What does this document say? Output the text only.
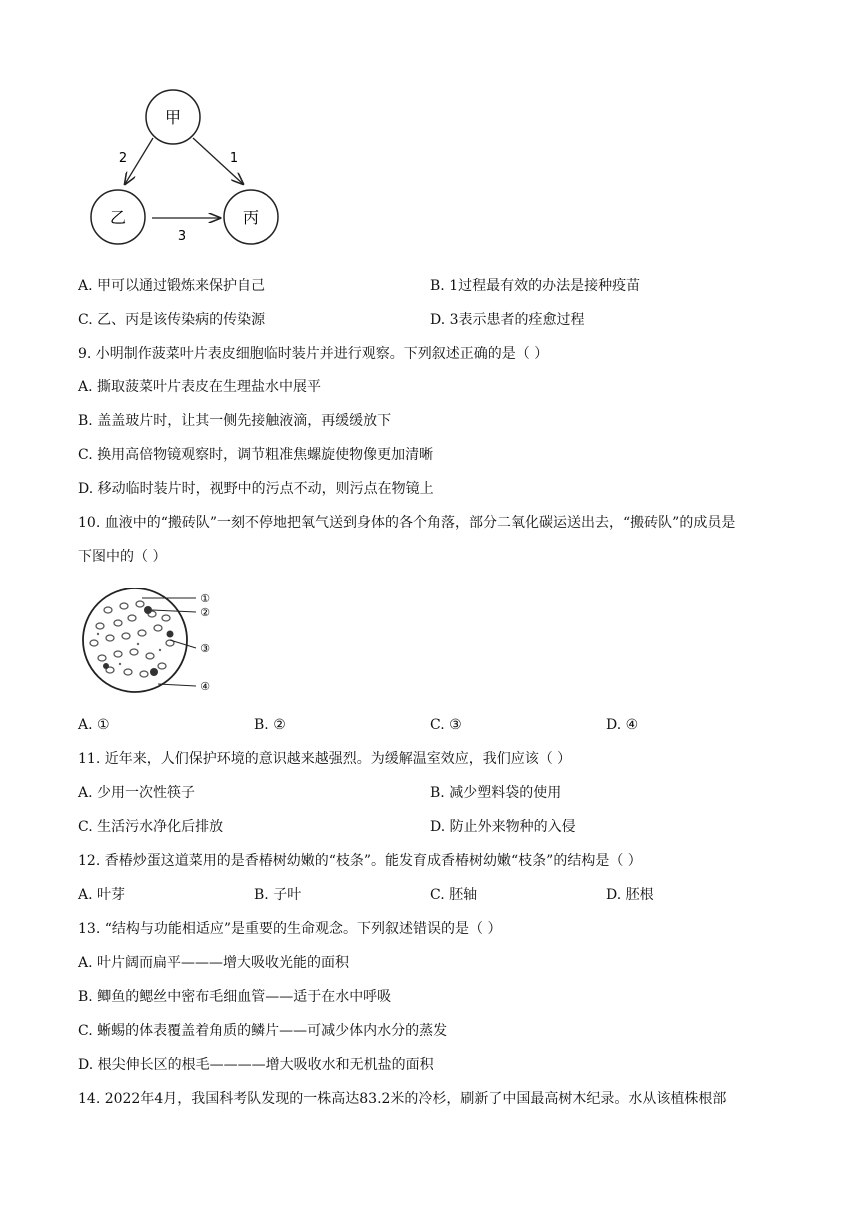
甲
乙	丙
2	1
3
A. 甲可以通过锻炼来保护自己	B. 1过程最有效的办法是接种疫苗
C. 乙、丙是该传染病的传染源	D. 3表示患者的痊愈过程
9. 小明制作菠菜叶片表皮细胞临时装片并进行观察。下列叙述正确的是（ ）
A. 撕取菠菜叶片表皮在生理盐水中展平
B. 盖盖玻片时，让其一侧先接触液滴，再缓缓放下
C. 换用高倍物镜观察时，调节粗准焦螺旋使物像更加清晰
D. 移动临时装片时，视野中的污点不动，则污点在物镜上
10. 血液中的“搬砖队”一刻不停地把氧气送到身体的各个角落，部分二氧化碳运送出去，“搬砖队”的成员是
下图中的（ ）
①
②
③
④
A. ①	B. ②	C. ③	D. ④
11. 近年来，人们保护环境的意识越来越强烈。为缓解温室效应，我们应该（ ）
A. 少用一次性筷子	B. 减少塑料袋的使用
C. 生活污水净化后排放	D. 防止外来物种的入侵
12. 香椿炒蛋这道菜用的是香椿树幼嫩的“枝条”。能发育成香椿树幼嫩“枝条”的结构是（ ）
A. 叶芽	B. 子叶	C. 胚轴	D. 胚根
13. “结构与功能相适应”是重要的生命观念。下列叙述错误的是（ ）
A. 叶片阔而扁平———增大吸收光能的面积
B. 鲫鱼的鳃丝中密布毛细血管——适于在水中呼吸
C. 蜥蜴的体表覆盖着角质的鳞片——可减少体内水分的蒸发
D. 根尖伸长区的根毛————增大吸收水和无机盐的面积
14. 2022年4月，我国科考队发现的一株高达83.2米的冷杉，刷新了中国最高树木纪录。水从该植株根部
